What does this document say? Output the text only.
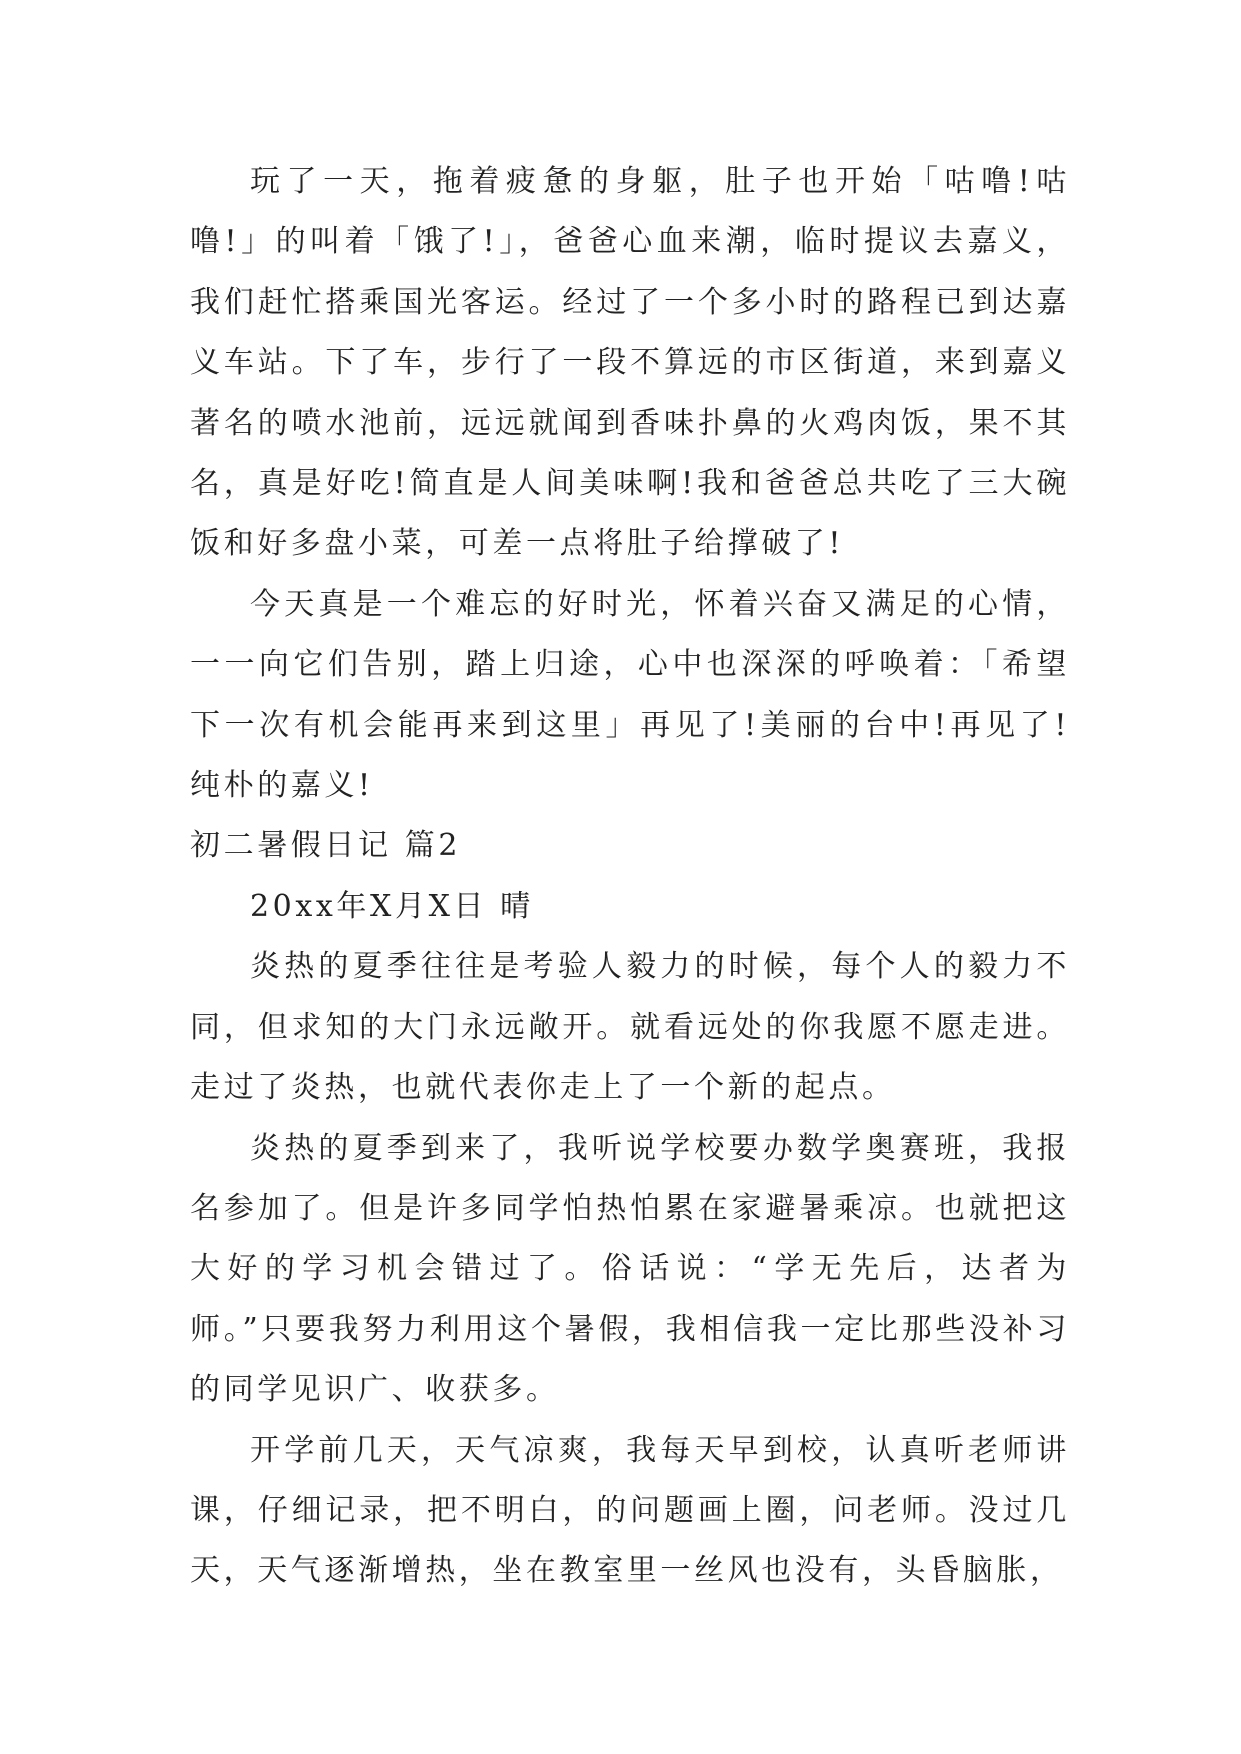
玩了一天，拖着疲惫的身躯，肚子也开始「咕噜!咕噜!」的叫着「饿了!」，爸爸心血来潮，临时提议去嘉义，我们赶忙搭乘国光客运。经过了一个多小时的路程已到达嘉义车站。下了车，步行了一段不算远的市区街道，来到嘉义著名的喷水池前，远远就闻到香味扑鼻的火鸡肉饭，果不其名，真是好吃!简直是人间美味啊!我和爸爸总共吃了三大碗饭和好多盘小菜，可差一点将肚子给撑破了!

今天真是一个难忘的好时光，怀着兴奋又满足的心情，一一向它们告别，踏上归途，心中也深深的呼唤着：「希望下一次有机会能再来到这里」再见了!美丽的台中!再见了!纯朴的嘉义!

初二暑假日记 篇2

20xx年X月X日 晴

炎热的夏季往往是考验人毅力的时候，每个人的毅力不同，但求知的大门永远敞开。就看远处的你我愿不愿走进。走过了炎热，也就代表你走上了一个新的起点。

炎热的夏季到来了，我听说学校要办数学奥赛班，我报名参加了。但是许多同学怕热怕累在家避暑乘凉。也就把这大好的学习机会错过了。俗话说：“学无先后，达者为师。”只要我努力利用这个暑假，我相信我一定比那些没补习的同学见识广、收获多。

开学前几天，天气凉爽，我每天早到校，认真听老师讲课，仔细记录，把不明白，的问题画上圈，问老师。没过几天，天气逐渐增热，坐在教室里一丝风也没有，头昏脑胀，
